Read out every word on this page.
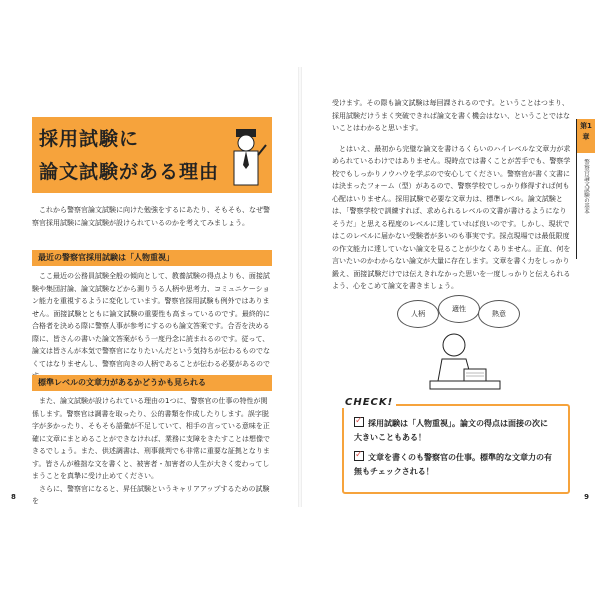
採用試験に
論文試験がある理由

これから警察官論文試験に向けた勉強をするにあたり、そもそも、なぜ警察官採用試験に論文試験が設けられているのかを考えてみましょう。

最近の警察官採用試験は「人物重視」

ここ最近の公務員試験全般の傾向として、教養試験の得点よりも、面接試験や集団討論、論文試験などから測りうる人柄や思考力、コミュニケーション能力を重視するように変化しています。警察官採用試験も例外ではありません。面接試験とともに論文試験の重要性も高まっているのです。最終的に合格者を決める際に警察人事が参考にするのも論文答案です。合否を決める際に、皆さんの書いた論文答案がもう一度丹念に読まれるのです。従って、論文は皆さんが本気で警察官になりたいんだという気持ちが伝わるものでなくてはなりませんし、警察官向きの人柄であることが伝わる必要があるので

標準レベルの文章力があるかどうかも見られる

また、論文試験が設けられている理由の1つに、警察官の仕事の特性が関係します。警察官は調書を取ったり、公的書類を作成したりします。誤字脱字が多かったり、そもそも語彙が不足していて、相手の言っている意味を正確に文章にまとめることができなければ、業務に支障をきたすことは想像できるでしょう。また、供述調書は、刑事裁判でも非常に重要な証拠となります。皆さんが稚拙な文を書くと、被害者・加害者の人生が大きく変わってしまうことを真摯に受け止めてください。

さらに、警察官になると、昇任試験というキャリアアップするための試験を

8

受けます。その際も論文試験は毎回課されるのです。ということはつまり、採用試験だけうまく突破できれば論文を書く機会はない、ということではないことはわかると思います。

とはいえ、最初から完璧な論文を書けるくらいのハイレベルな文章力が求められているわけではありません。現時点では書くことが苦手でも、警察学校でもしっかりノウハウを学ぶので安心してください。警察官が書く文書には決まったフォーム（型）があるので、警察学校でしっかり修得すれば何も心配はいりません。採用試験で必要な文章力は、標準レベル。論文試験とは、「警察学校で訓練すれば、求められるレベルの文書が書けるようになりそうだ」と思える程度のレベルに達していれば良いのです。しかし、現状ではこのレベルに届かない受験者が多いのも事実です。採点現場では最低限度の作文能力に達していない論文を見ることが少なくありません。正直、何を言いたいのかわからない論文が大量に存在します。文章を書く力をしっかり鍛え、面接試験だけでは伝えきれなかった思いを一度しっかりと伝えられるよう、心をこめて論文を書きましょう。

第1章
警察官論文試験の基本
人柄
適性
熱意
CHECK!
✓採用試験は「人物重視」。論文の得点は面接の次に大きいこともある！
✓文章を書くのも警察官の仕事。標準的な文章力の有無もチェックされる！
9
